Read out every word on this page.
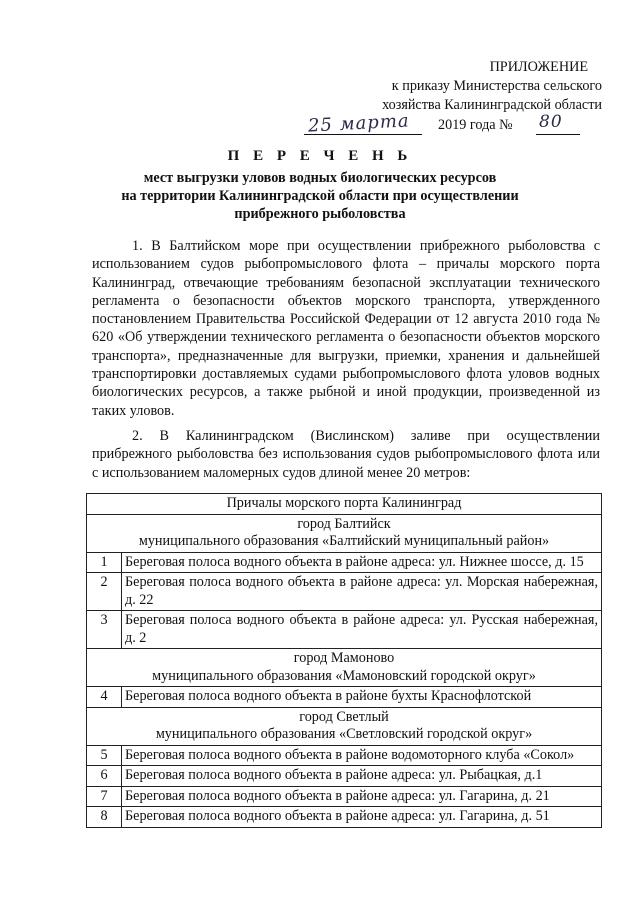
ПРИЛОЖЕНИЕ
к приказу Министерства сельского
хозяйства Калининградской области
25 марта 2019 года № 80
П Е Р Е Ч Е Н Ь
мест выгрузки уловов водных биологических ресурсов
на территории Калининградской области при осуществлении
прибрежного рыболовства
1. В Балтийском море при осуществлении прибрежного рыболовства с использованием судов рыбопромыслового флота – причалы морского порта Калининград, отвечающие требованиям безопасной эксплуатации технического регламента о безопасности объектов морского транспорта, утвержденного постановлением Правительства Российской Федерации от 12 августа 2010 года № 620 «Об утверждении технического регламента о безопасности объектов морского транспорта», предназначенные для выгрузки, приемки, хранения и дальнейшей транспортировки доставляемых судами рыбопромыслового флота уловов водных биологических ресурсов, а также рыбной и иной продукции, произведенной из таких уловов.
2. В Калининградском (Вислинском) заливе при осуществлении прибрежного рыболовства без использования судов рыбопромыслового флота или с использованием маломерных судов длиной менее 20 метров:
Причалы морского порта Калининград	

город Балтийск
муниципального образования «Балтийский муниципальный район»	

1	Береговая полоса водного объекта в районе адреса: ул. Нижнее шоссе, д. 15
2	Береговая полоса водного объекта в районе адреса: ул. Морская набережная, д. 22
3	Береговая полоса водного объекта в районе адреса: ул. Русская набережная, д. 2

город Мамоново
муниципального образования «Мамоновский городской округ»	

4	Береговая полоса водного объекта в районе бухты Краснофлотской

город Светлый
муниципального образования «Светловский городской округ»	

5	Береговая полоса водного объекта в районе водомоторного клуба «Сокол»
6	Береговая полоса водного объекта в районе адреса: ул. Рыбацкая, д.1
7	Береговая полоса водного объекта в районе адреса: ул. Гагарина, д. 21
8	Береговая полоса водного объекта в районе адреса: ул. Гагарина, д. 51
